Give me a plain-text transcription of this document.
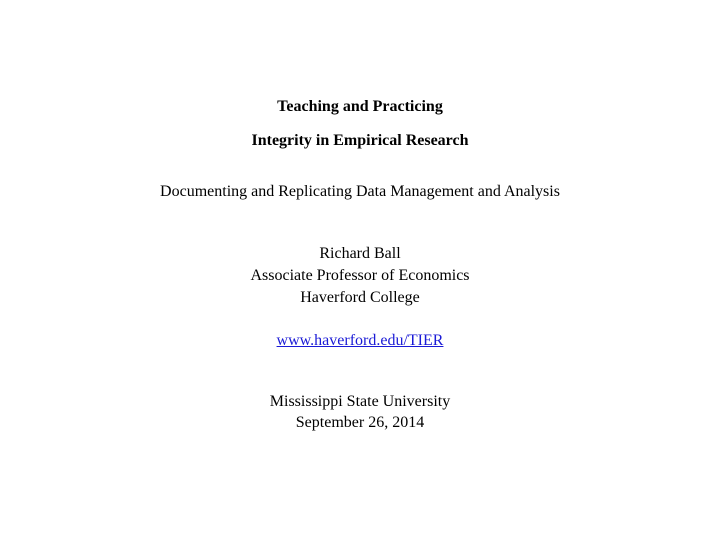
Teaching and Practicing
Integrity in Empirical Research
Documenting and Replicating Data Management and Analysis
Richard Ball
Associate Professor of Economics
Haverford College
www.haverford.edu/TIER
Mississippi State University
September 26, 2014
